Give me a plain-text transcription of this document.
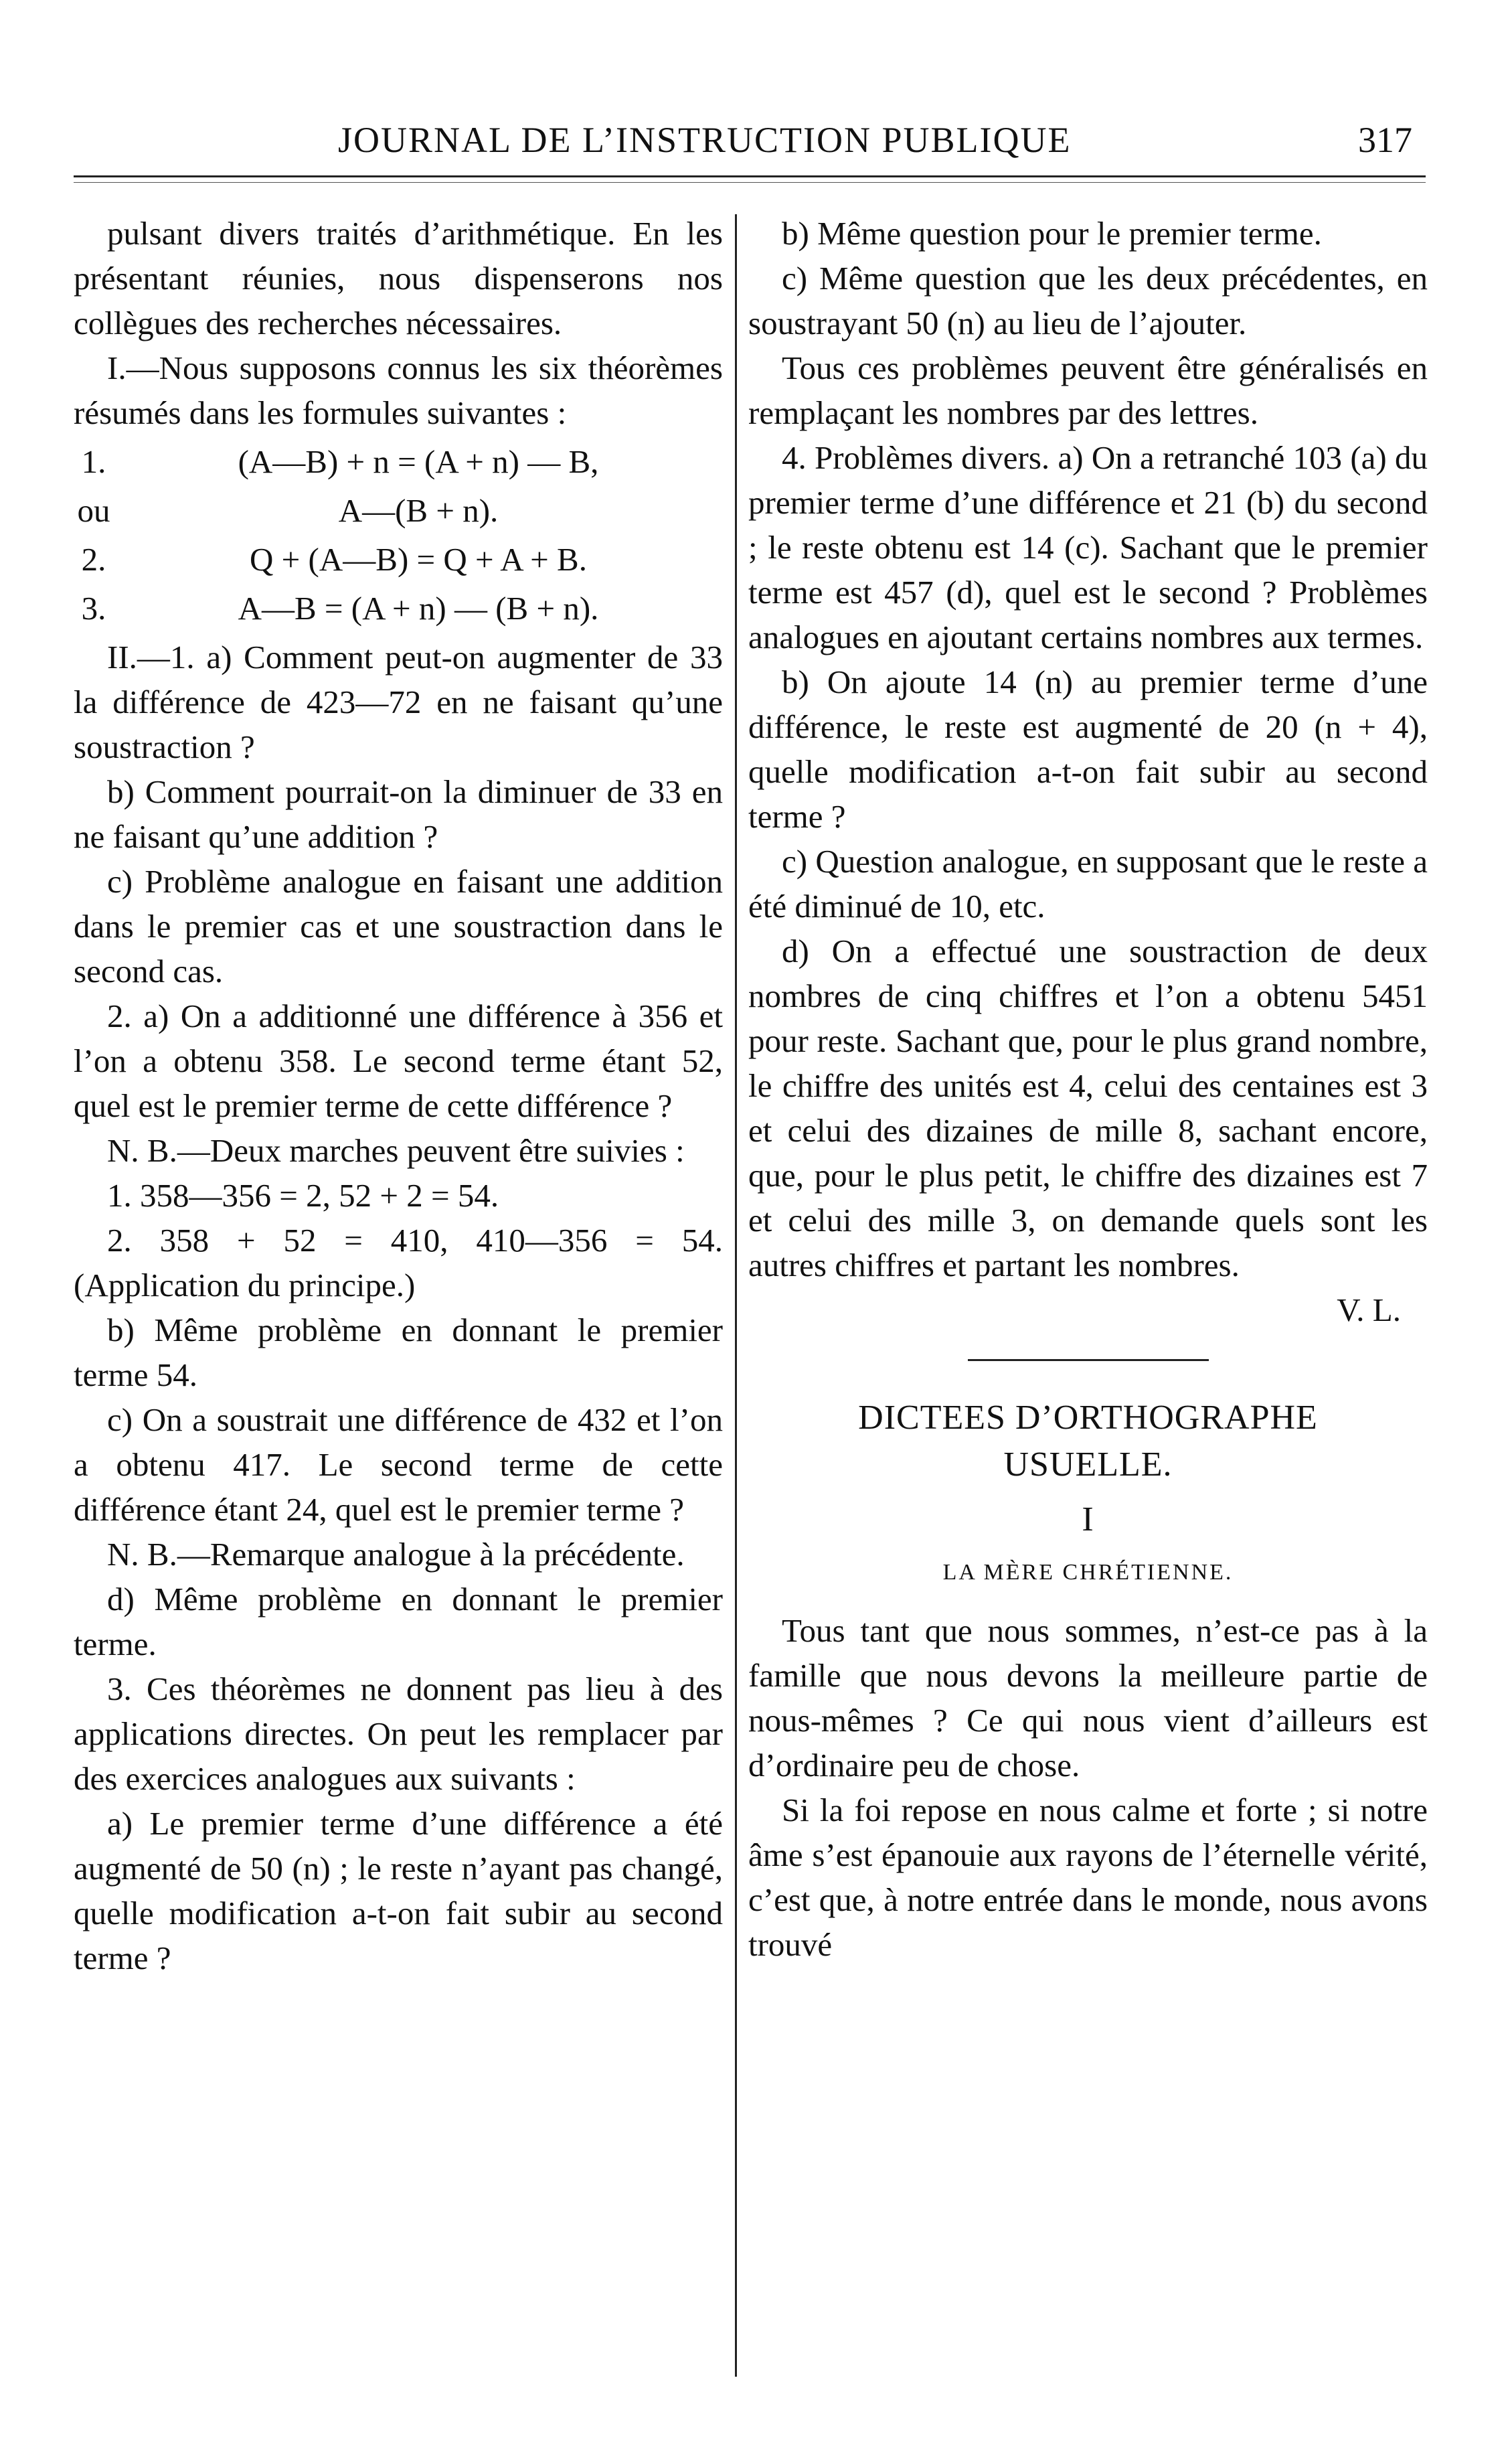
JOURNAL DE L’INSTRUCTION PUBLIQUE	317

pulsant divers traités d’arithmétique. En les présentant réunies, nous dispenserons nos collègues des recherches nécessaires.

I.—Nous supposons connus les six théorèmes résumés dans les formules suivantes :

1.	(A—B) + n = (A + n) — B,
ou	A—(B + n).
2.	Q + (A—B) = Q + A + B.
3.	A—B = (A + n) — (B + n).

II.—1. a) Comment peut-on augmenter de 33 la différence de 423—72 en ne faisant qu’une soustraction ?

b) Comment pourrait-on la diminuer de 33 en ne faisant qu’une addition ?

c) Problème analogue en faisant une addition dans le premier cas et une soustraction dans le second cas.

2. a) On a additionné une différence à 356 et l’on a obtenu 358. Le second terme étant 52, quel est le premier terme de cette différence ?

N. B.—Deux marches peuvent être suivies :

1. 358—356 = 2, 52 + 2 = 54.

2. 358 + 52 = 410, 410—356 = 54. (Application du principe.)

b) Même problème en donnant le premier terme 54.

c) On a soustrait une différence de 432 et l’on a obtenu 417. Le second terme de cette différence étant 24, quel est le premier terme ?

N. B.—Remarque analogue à la précédente.

d) Même problème en donnant le premier terme.

3. Ces théorèmes ne donnent pas lieu à des applications directes. On peut les remplacer par des exercices analogues aux suivants :

a) Le premier terme d’une différence a été augmenté de 50 (n) ; le reste n’ayant pas changé, quelle modification a-t-on fait subir au second terme ?

b) Même question pour le premier terme.

c) Même question que les deux précédentes, en soustrayant 50 (n) au lieu de l’ajouter.

Tous ces problèmes peuvent être généralisés en remplaçant les nombres par des lettres.

4. Problèmes divers. a) On a retranché 103 (a) du premier terme d’une différence et 21 (b) du second ; le reste obtenu est 14 (c). Sachant que le premier terme est 457 (d), quel est le second ? Problèmes analogues en ajoutant certains nombres aux termes.

b) On ajoute 14 (n) au premier terme d’une différence, le reste est augmenté de 20 (n + 4), quelle modification a-t-on fait subir au second terme ?

c) Question analogue, en supposant que le reste a été diminué de 10, etc.

d) On a effectué une soustraction de deux nombres de cinq chiffres et l’on a obtenu 5451 pour reste. Sachant que, pour le plus grand nombre, le chiffre des unités est 4, celui des centaines est 3 et celui des dizaines de mille 8, sachant encore, que, pour le plus petit, le chiffre des dizaines est 7 et celui des mille 3, on demande quels sont les autres chiffres et partant les nombres.

V. L.

DICTEES D’ORTHOGRAPHE
USUELLE.
I
LA MÈRE CHRÉTIENNE.

Tous tant que nous sommes, n’est-ce pas à la famille que nous devons la meilleure partie de nous-mêmes ? Ce qui nous vient d’ailleurs est d’ordinaire peu de chose.

Si la foi repose en nous calme et forte ; si notre âme s’est épanouie aux rayons de l’éternelle vérité, c’est que, à notre entrée dans le monde, nous avons trouvé
